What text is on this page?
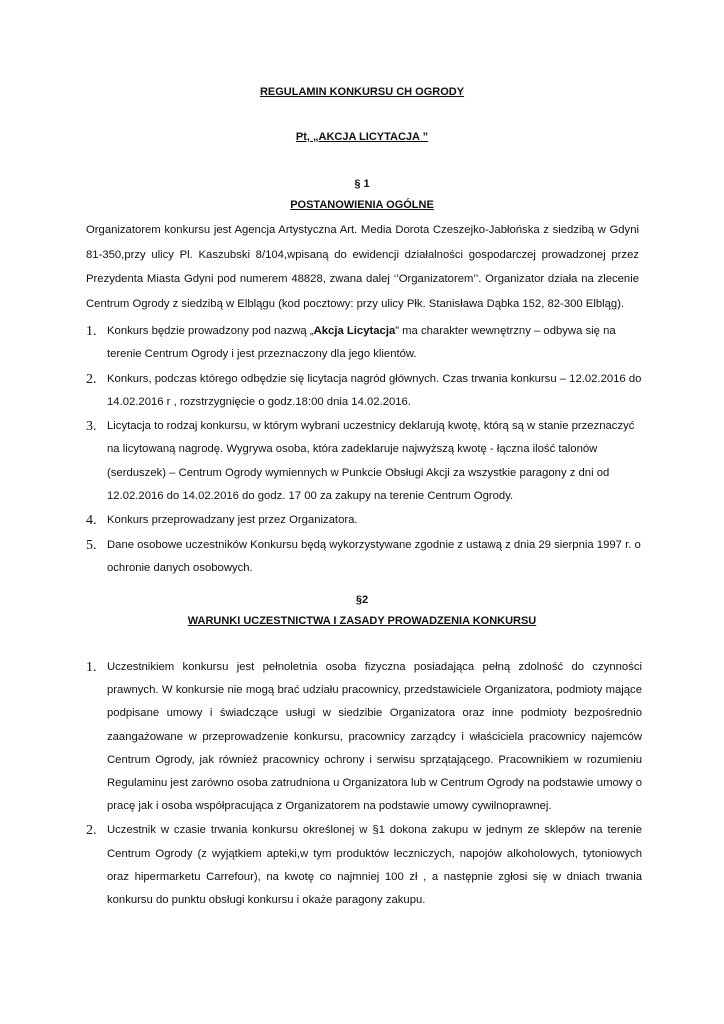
REGULAMIN KONKURSU CH OGRODY
Pt, „AKCJA LICYTACJA ”
§ 1
POSTANOWIENIA OGÓLNE
Organizatorem konkursu jest Agencja Artystyczna Art. Media Dorota Czeszejko-Jabłońska z siedzibą w Gdyni 81-350,przy ulicy Pl. Kaszubski 8/104,wpisaną do ewidencji działalności gospodarczej prowadzonej przez Prezydenta Miasta Gdyni pod numerem 48828, zwana dalej ‘’Organizatorem’’. Organizator działa na zlecenie Centrum Ogrody z siedzibą w Elblągu (kod pocztowy: przy ulicy Płk. Stanisława Dąbka 152, 82-300 Elbląg).
1. Konkurs będzie prowadzony pod nazwą „Akcja Licytacja” ma charakter wewnętrzny – odbywa się na terenie Centrum Ogrody i jest przeznaczony dla jego klientów.
2. Konkurs, podczas którego odbędzie się licytacja nagród głównych. Czas trwania konkursu – 12.02.2016 do 14.02.2016 r , rozstrzygnięcie o godz.18:00 dnia 14.02.2016.
3. Licytacja to rodzaj konkursu, w którym wybrani uczestnicy deklarują kwotę, którą są w stanie przeznaczyć na licytowaną nagrodę. Wygrywa osoba, która zadeklaruje najwyższą kwotę - łączna ilość talonów (serduszek) – Centrum Ogrody wymiennych w Punkcie Obsługi Akcji za wszystkie paragony z dni od 12.02.2016 do 14.02.2016 do godz. 17 00 za zakupy na terenie Centrum Ogrody.
4. Konkurs przeprowadzany jest przez Organizatora.
5. Dane osobowe uczestników Konkursu będą wykorzystywane zgodnie z ustawą z dnia 29 sierpnia 1997 r. o ochronie danych osobowych.
§2
WARUNKI UCZESTNICTWA I ZASADY PROWADZENIA KONKURSU
1. Uczestnikiem konkursu jest pełnoletnia osoba fizyczna posiadająca pełną zdolność do czynności prawnych. W konkursie nie mogą brać udziału pracownicy, przedstawiciele Organizatora, podmioty mające podpisane umowy i świadczące usługi w siedzibie Organizatora oraz inne podmioty bezpośrednio zaangażowane w przeprowadzenie konkursu, pracownicy zarządcy i właściciela pracownicy najemców Centrum Ogrody, jak również pracownicy ochrony i serwisu sprzątającego. Pracownikiem w rozumieniu Regulaminu jest zarówno osoba zatrudniona u Organizatora lub w Centrum Ogrody na podstawie umowy o pracę jak i osoba współpracująca z Organizatorem na podstawie umowy cywilnoprawnej.
2. Uczestnik w czasie trwania konkursu określonej w §1 dokona zakupu w jednym ze sklepów na terenie Centrum Ogrody (z wyjątkiem apteki,w tym produktów leczniczych, napojów alkoholowych, tytoniowych oraz hipermarketu Carrefour), na kwotę co najmniej 100 zł , a następnie zgłosi się w dniach trwania konkursu do punktu obsługi konkursu i okaże paragony zakupu.
